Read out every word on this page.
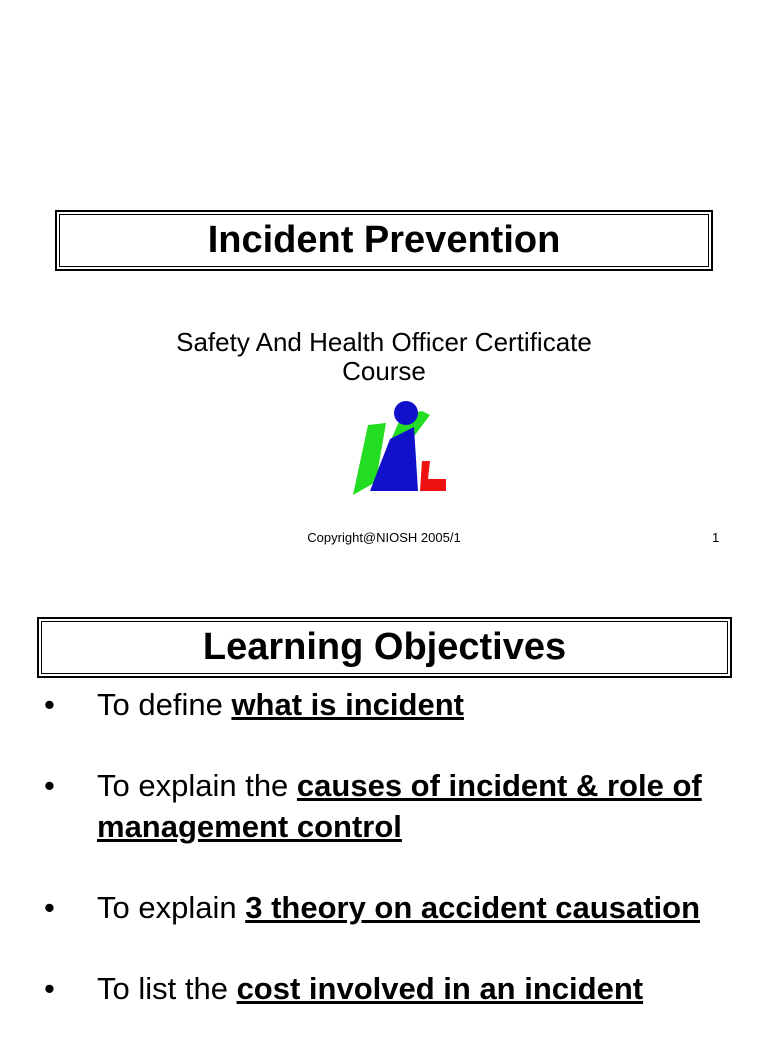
Incident Prevention
Safety And Health Officer Certificate
Course
Copyright@NIOSH 2005/1	1
Learning Objectives
• To define what is incident
• To explain the causes of incident & role of management control
• To explain 3 theory on accident causation
• To list the cost involved in an incident
